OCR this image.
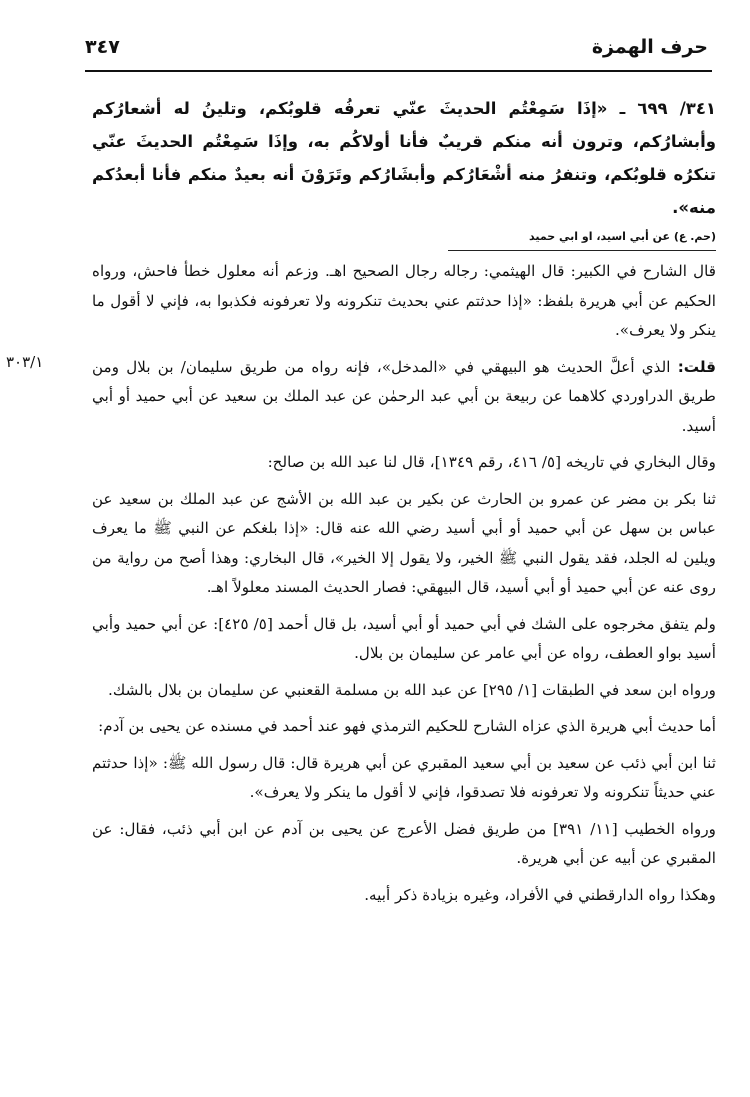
حرف الهمزة
٣٤٧
٣٠٣/١

٣٤١/ ٦٩٩ ـ «إذَا سَمِعْتُم الحديثَ عنّي تعرفُه قلوبُكم، وتلينُ له أشعارُكم وأبشارُكم، وترون أنه منكم قريبٌ فأنا أولاكُم به، وإذَا سَمِعْتُم الحديثَ عنّي تنكرُه قلوبُكم، وتنفرُ منه أشْعَارُكم وأبشَارُكم وتَرَوْنَ أنه بعيدٌ منكم فأنا أبعدُكم منه».

(حم. ع) عن أبي اسيد، او ابي حميد

قال الشارح في الكبير: قال الهيثمي: رجاله رجال الصحيح اهـ. وزعم أنه معلول خطأ فاحش، ورواه الحكيم عن أبي هريرة بلفظ: «إذا حدثتم عني بحديث تنكرونه ولا تعرفونه فكذبوا به، فإني لا أقول ما ينكر ولا يعرف».

قلت: الذي أعلَّ الحديث هو البيهقي في «المدخل»، فإنه رواه من طريق سليمان/ بن بلال ومن طريق الدراوردي كلاهما عن ربيعة بن أبي عبد الرحمٰن عن عبد الملك بن سعيد عن أبي حميد أو أبي أسيد.

وقال البخاري في تاريخه [٥/ ٤١٦، رقم ١٣٤٩]، قال لنا عبد الله بن صالح:

ثنا بكر بن مضر عن عمرو بن الحارث عن بكير بن عبد الله بن الأشج عن عبد الملك بن سعيد عن عباس بن سهل عن أبي حميد أو أبي أسيد رضي الله عنه قال: «إذا بلغكم عن النبي ﷺ ما يعرف ويلين له الجلد، فقد يقول النبي ﷺ الخير، ولا يقول إلا الخير»، قال البخاري: وهذا أصح من رواية من روى عنه عن أبي حميد أو أبي أسيد، قال البيهقي: فصار الحديث المسند معلولاً اهـ.

ولم يتفق مخرجوه على الشك في أبي حميد أو أبي أسيد، بل قال أحمد [٥/ ٤٢٥]: عن أبي حميد وأبي أسيد بواو العطف، رواه عن أبي عامر عن سليمان بن بلال.

ورواه ابن سعد في الطبقات [١/ ٢٩٥] عن عبد الله بن مسلمة القعنبي عن سليمان بن بلال بالشك.

أما حديث أبي هريرة الذي عزاه الشارح للحكيم الترمذي فهو عند أحمد في مسنده عن يحيى بن آدم:

ثنا ابن أبي ذئب عن سعيد بن أبي سعيد المقبري عن أبي هريرة قال: قال رسول الله ﷺ: «إذا حدثتم عني حديثاً تنكرونه ولا تعرفونه فلا تصدقوا، فإني لا أقول ما ينكر ولا يعرف».

ورواه الخطيب [١١/ ٣٩١] من طريق فضل الأعرج عن يحيى بن آدم عن ابن أبي ذئب، فقال: عن المقبري عن أبيه عن أبي هريرة.

وهكذا رواه الدارقطني في الأفراد، وغيره بزيادة ذكر أبيه.
